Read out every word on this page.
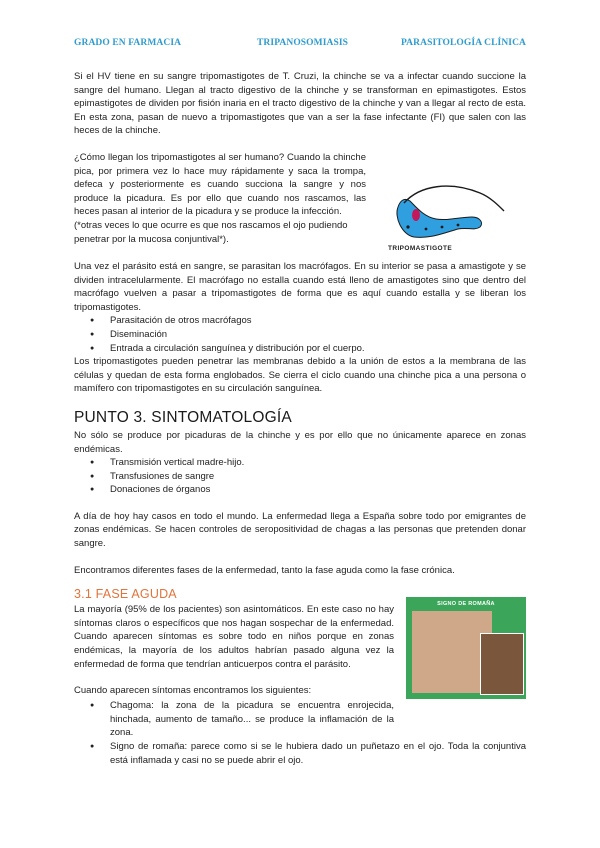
GRADO EN FARMACIA	TRIPANOSOMIASIS	PARASITOLOGÍA CLÍNICA

Si el HV tiene en su sangre tripomastigotes de T. Cruzi, la chinche se va a infectar cuando succione la sangre del humano. Llegan al tracto digestivo de la chinche y se transforman en epimastigotes. Estos epimastigotes de dividen por fisión inaria en el tracto digestivo de la chinche y van a llegar al recto de esta. En esta zona, pasan de nuevo a tripomastigotes que van a ser la fase infectante (FI) que salen con las heces de la chinche.

¿Cómo llegan los tripomastigotes al ser humano? Cuando la chinche pica, por primera vez lo hace muy rápidamente y saca la trompa, defeca y posteriormente es cuando succiona la sangre y nos produce la picadura. Es por ello que cuando nos rascamos, las heces pasan al interior de la picadura y se produce la infección.

(*otras veces lo que ocurre es que nos rascamos el ojo pudiendo penetrar por la mucosa conjuntival*).

TRIPOMASTIGOTE

Una vez el parásito está en sangre, se parasitan los macrófagos. En su interior se pasa a amastigote y se dividen intracelularmente. El macrófago no estalla cuando está lleno de amastigotes sino que dentro del macrófago vuelven a pasar a tripomastigotes de forma que es aquí cuando estalla y se liberan los tripomastigotes.

● Parasitación de otros macrófagos
● Diseminación
● Entrada a circulación sanguínea y distribución por el cuerpo.

Los tripomastigotes pueden penetrar las membranas debido a la unión de estos a la membrana de las células y quedan de esta forma englobados. Se cierra el ciclo cuando una chinche pica a una persona o mamífero con tripomastigotes en su circulación sanguínea.

PUNTO 3. SINTOMATOLOGÍA

No sólo se produce por picaduras de la chinche y es por ello que no únicamente aparece en zonas endémicas.

● Transmisión vertical madre-hijo.
● Transfusiones de sangre
● Donaciones de órganos

A día de hoy hay casos en todo el mundo. La enfermedad llega a España sobre todo por emigrantes de zonas endémicas. Se hacen controles de seropositividad de chagas a las personas que pretenden donar sangre.

Encontramos diferentes fases de la enfermedad, tanto la fase aguda como la fase crónica.

3.1 FASE AGUDA

La mayoría (95% de los pacientes) son asintomáticos. En este caso no hay síntomas claros o específicos que nos hagan sospechar de la enfermedad. Cuando aparecen síntomas es sobre todo en niños porque en zonas endémicas, la mayoría de los adultos habrían pasado alguna vez la enfermedad de forma que tendrían anticuerpos contra el parásito.

Cuando aparecen síntomas encontramos los siguientes:

SIGNO DE ROMAÑA
● Chagoma: la zona de la picadura se encuentra enrojecida, hinchada, aumento de tamaño... se produce la inflamación de la zona.
● Signo de romaña: parece como si se le hubiera dado un puñetazo en el ojo. Toda la conjuntiva está inflamada y casi no se puede abrir el ojo.
